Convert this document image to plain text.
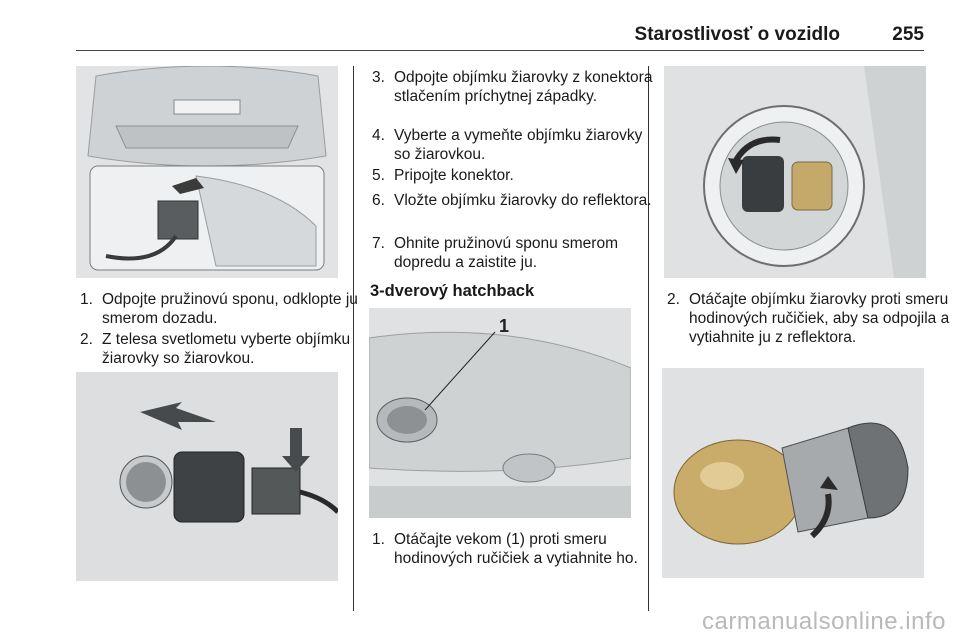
Starostlivosť o vozidlo	255
1. Odpojte pružinovú sponu, odklopte ju smerom dozadu.
2. Z telesa svetlometu vyberte objímku žiarovky so žiarovkou.
3. Odpojte objímku žiarovky z konektora stlačením príchytnej západky.
4. Vyberte a vymeňte objímku žiarovky so žiarovkou.
5. Pripojte konektor.
6. Vložte objímku žiarovky do reflektora.
7. Ohnite pružinovú sponu smerom dopredu a zaistite ju.
3-dverový hatchback
1
1. Otáčajte vekom (1) proti smeru hodinových ručičiek a vytiahnite ho.
2. Otáčajte objímku žiarovky proti smeru hodinových ručičiek, aby sa odpojila a vytiahnite ju z reflektora.
carmanualsonline.info
